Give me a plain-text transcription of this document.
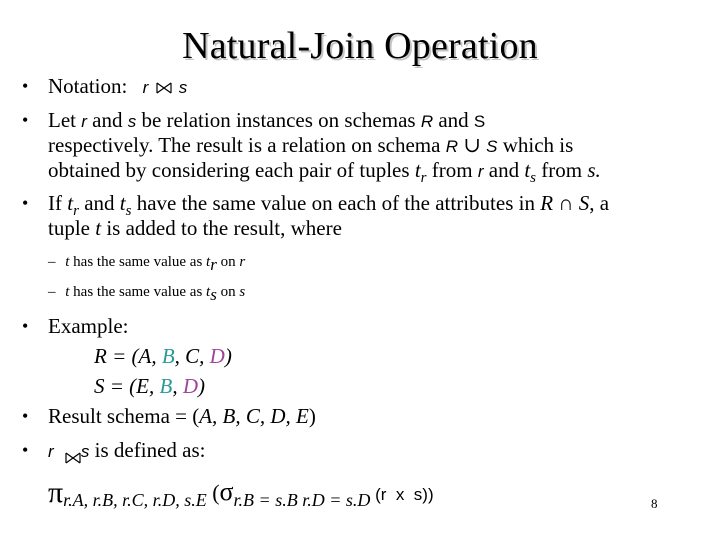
Natural-Join Operation
• Notation: r s
• Let r and s be relation instances on schemas R and S
respectively. The result is a relation on schema R ∪ S which is
obtained by considering each pair of tuples $t_r$ from r and $t_s$ from s.
• If $t_r$ and $t_s$ have the same value on each of the attributes in R ∩ S, a
tuple t is added to the result, where
– t has the same value as $t_r$ on r
– t has the same value as $t_s$ on s
• Example:
R = (A, B, C, D)
S = (E, B, D)
• Result schema = (A, B, C, D, E)
• r s is defined as:
πr.A, r.B, r.C, r.D, s.E (σr.B = s.B r.D = s.D (r  x  s))	8
